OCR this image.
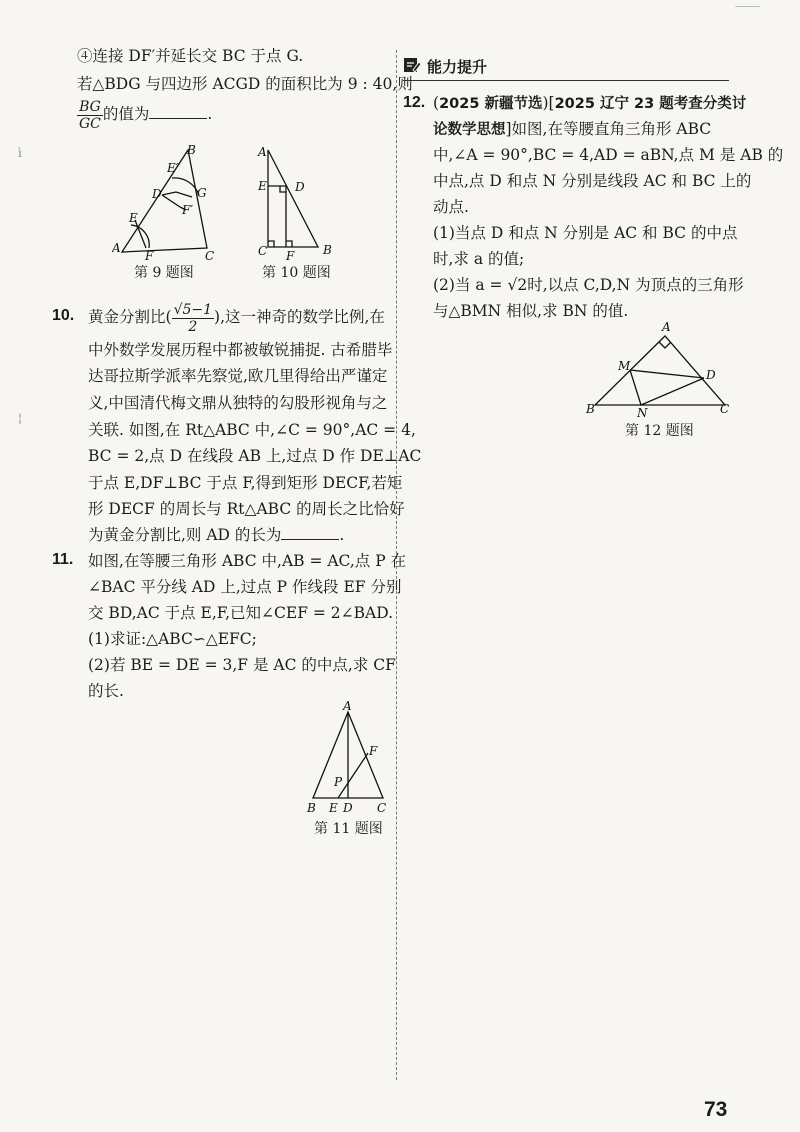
———
ì
¦
④连接 DF′并延长交 BC 于点 G.
若△BDG 与四边形 ACGD 的面积比为 9 : 40,则
$\frac{BG}{GC}$ 的值为	.
A
B
C
D
E
E′
F
F′
G
第 9 题图
A
B
C
D
E
F
第 10 题图
10. 黄金分割比( $\frac{√5-1}{2}$ ),这一神奇的数学比例,在
中外数学发展历程中都被敏锐捕捉. 古希腊毕
达哥拉斯学派率先察觉,欧几里得给出严谨定
义,中国清代梅文鼎从独特的勾股形视角与之
关联. 如图,在 Rt△ABC 中,∠C = 90°,AC = 4,
BC = 2,点 D 在线段 AB 上,过点 D 作 DE⊥AC
于点 E,DF⊥BC 于点 F,得到矩形 DECF,若矩
形 DECF 的周长与 Rt△ABC 的周长之比恰好
为黄金分割比,则 AD 的长为	.
11. 如图,在等腰三角形 ABC 中,AB = AC,点 P 在
∠BAC 平分线 AD 上,过点 P 作线段 EF 分别
交 BD,AC 于点 E,F,已知∠CEF = 2∠BAD.
(1)求证:△ABC∽△EFC;
(2)若 BE = DE = 3,F 是 AC 的中点,求 CF
的长.
A
B E D C
F
P
第 11 题图
能力提升
12. (2025 新疆节选)[2025 辽宁 23 题考查分类讨
论数学思想]如图,在等腰直角三角形 ABC
中,∠A = 90°,BC = 4,AD = aBN,点 M 是 AB 的
中点,点 D 和点 N 分别是线段 AC 和 BC 上的
动点.
(1)当点 D 和点 N 分别是 AC 和 BC 的中点
时,求 a 的值;
(2)当 a = √2时,以点 C,D,N 为顶点的三角形
与△BMN 相似,求 BN 的值.
A
B	C
D
M
N
第 12 题图
73
